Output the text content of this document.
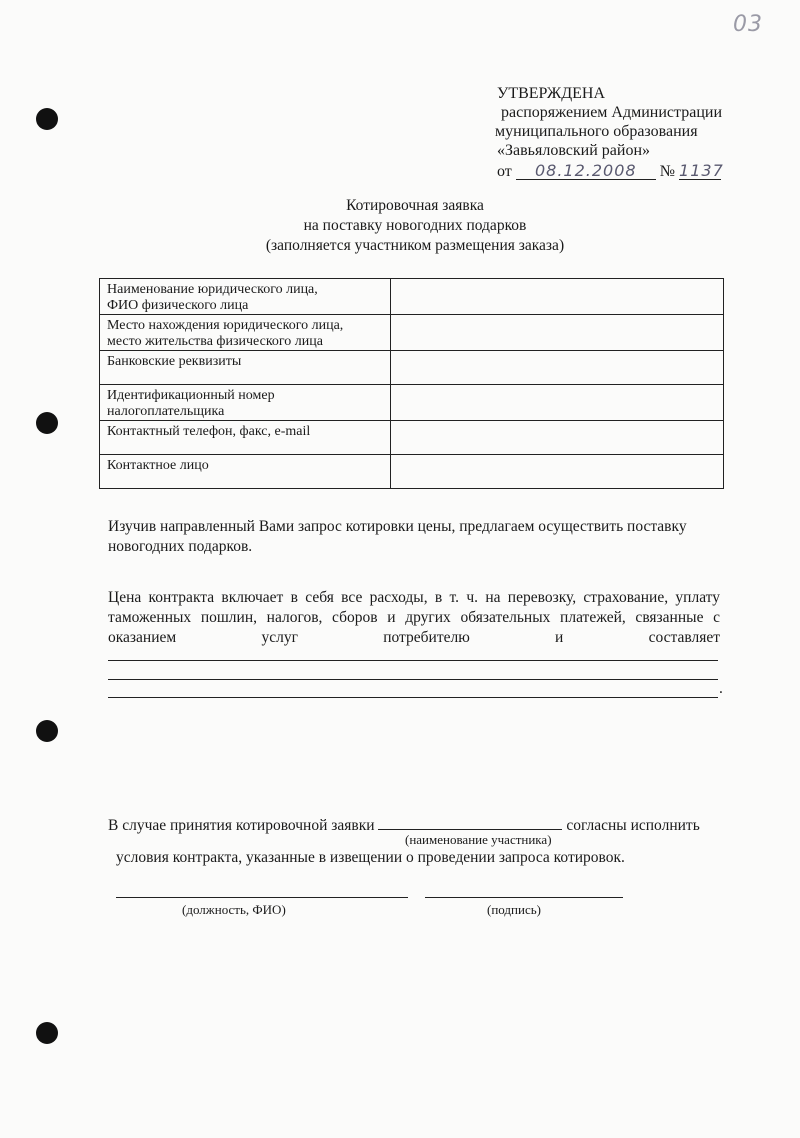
03
УТВЕРЖДЕНА
распоряжением Администрации
муниципального образования
«Завьяловский район»
от 08.12.2008 № 1137
Котировочная заявка
на поставку новогодних подарков
(заполняется участником размещения заказа)
Наименование юридического лица,
ФИО физического лица	

Место нахождения юридического лица,
место жительства физического лица	

Банковские реквизиты	

Идентификационный номер
налогоплательщика	

Контактный телефон, факс, e-mail	

Контактное лицо	

Изучив направленный Вами запрос котировки цены, предлагаем осуществить поставку новогодних подарков.
Цена контракта включает в себя все расходы, в т. ч. на перевозку, страхование, уплату
таможенных пошлин, налогов, сборов и других обязательных платежей, связанные с
оказанием услуг потребителю и составляет
.
В случае принятия котировочной заявки	согласны исполнить
(наименование участника)
условия контракта, указанные в извещении о проведении запроса котировок.
(должность, ФИО)	(подпись)
